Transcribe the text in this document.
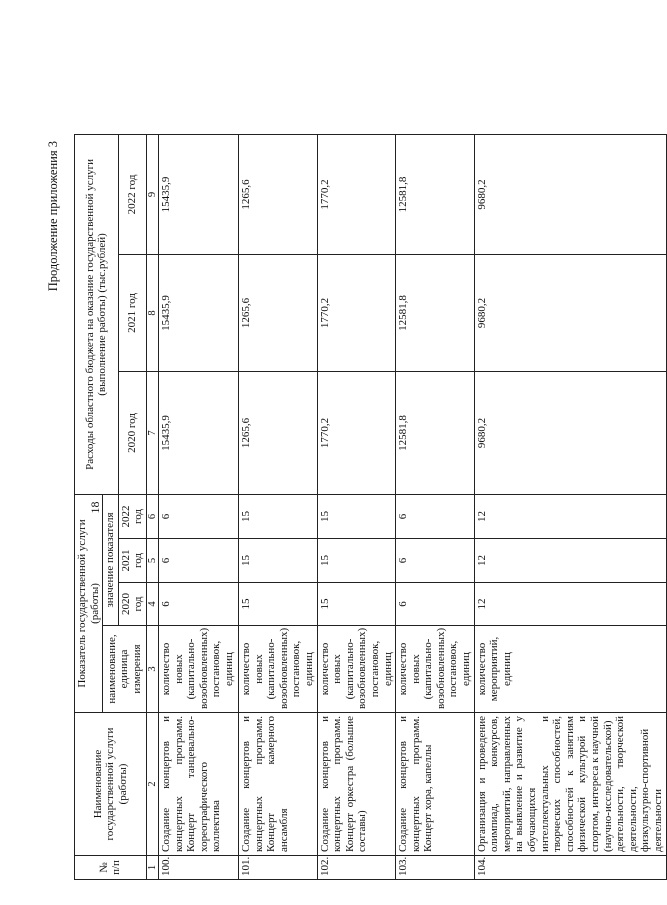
18
Продолжение приложения 3
№
п/п	Наименование государственной услуги (работы)	Показатель государственной услуги (работы)				Расходы областного бюджета на оказание государственной услуги (выполнение работы) (тыс.рублей)		
		наименование, единица измерения	значение показателя					
			2020 год	2021 год	2022 год	2020 год	2021 год	2022 год
1	2	3	4	5	6	7	8	9
100.	Создание концертов и концертных программ. Концерт танцевально-хореографического коллектива	количество новых (капитально-возобновленных) постановок, единиц	6	6	6	15435,9	15435,9	15435,9
101.	Создание концертов и концертных программ. Концерт камерного ансамбля	количество новых (капитально-возобновленных) постановок, единиц	15	15	15	1265,6	1265,6	1265,6
102.	Создание концертов и концертных программ. Концерт оркестра (большие составы)	количество новых (капитально-возобновленных) постановок, единиц	15	15	15	1770,2	1770,2	1770,2
103.	Создание концертов и концертных программ. Концерт хора, капеллы	количество новых (капитально-возобновленных) постановок, единиц	6	6	6	12581,8	12581,8	12581,8
104.	Организация и проведение олимпиад, конкурсов, мероприятий, направленных на выявление и развитие у обучающихся интеллектуальных и творческих способностей, способностей к занятиям физической культурой и спортом, интереса к научной (научно-исследовательской) деятельности, творческой деятельности, физкультурно-спортивной деятельности	количество мероприятий, единиц	12	12	12	9680,2	9680,2	9680,2
